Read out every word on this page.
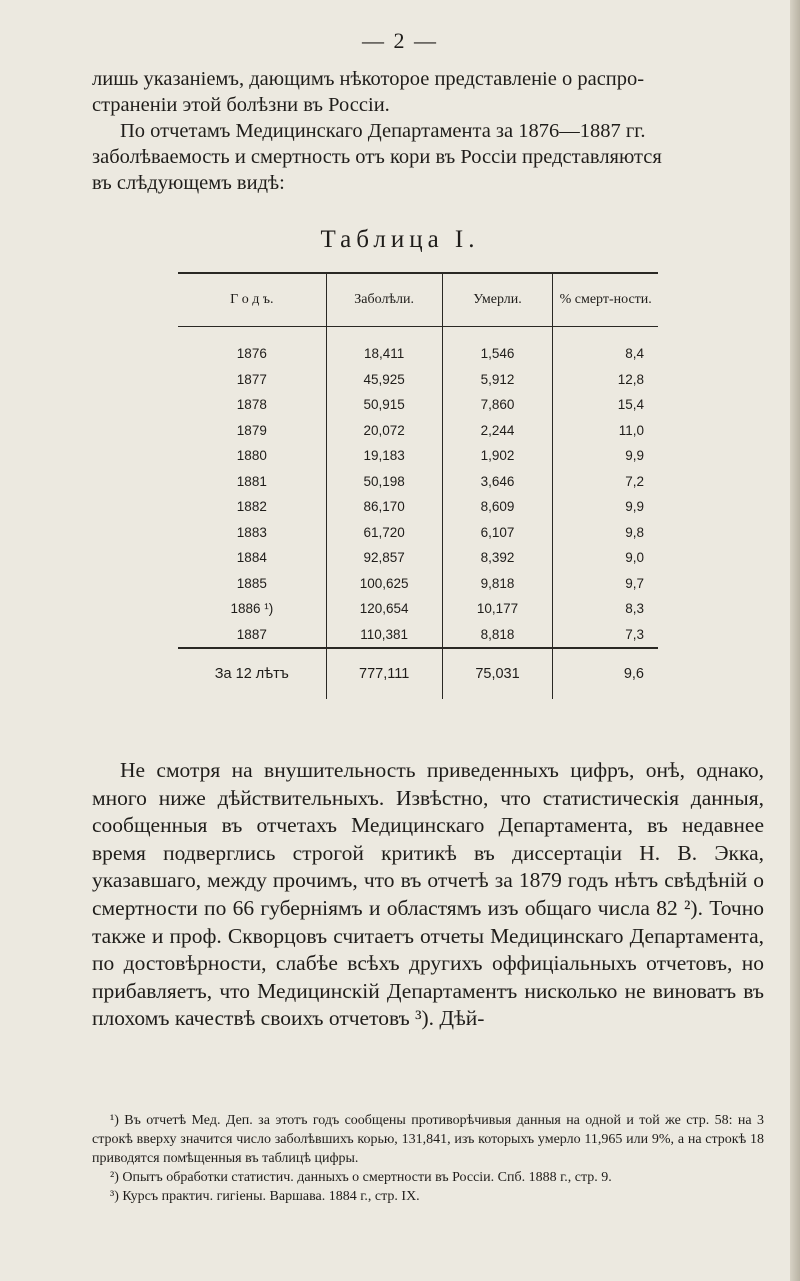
— 2 —

лишь указаніемъ, дающимъ нѣкоторое представленіе о распро-

страненіи этой болѣзни въ Россіи.

По отчетамъ Медицинскаго Департамента за 1876—1887 гг.

заболѣваемость и смертность отъ кори въ Россіи представляются

въ слѣдующемъ видѣ:

Таблица I.
Г о д ъ.	Заболѣли.	Умерли.	% смерт-ности.
1876	18,411	1,546	8,4
1877	45,925	5,912	12,8
1878	50,915	7,860	15,4
1879	20,072	2,244	11,0
1880	19,183	1,902	9,9
1881	50,198	3,646	7,2
1882	86,170	8,609	9,9
1883	61,720	6,107	9,8
1884	92,857	8,392	9,0
1885	100,625	9,818	9,7
1886 ¹)	120,654	10,177	8,3
1887	110,381	8,818	7,3
За 12 лѣтъ	777,111	75,031	9,6

Не смотря на внушительность приведенныхъ цифръ, онѣ, однако, много ниже дѣйствительныхъ. Извѣстно, что статистическія данныя, сообщенныя въ отчетахъ Медицинскаго Департамента, въ недавнее время подверглись строгой критикѣ въ диссертаціи Н. В. Экка, указавшаго, между прочимъ, что въ отчетѣ за 1879 годъ нѣтъ свѣдѣній о смертности по 66 губерніямъ и областямъ изъ общаго числа 82 ²). Точно также и проф. Скворцовъ считаетъ отчеты Медицинскаго Департамента, по достовѣрности, слабѣе всѣхъ другихъ оффиціальныхъ отчетовъ, но прибавляетъ, что Медицинскій Департаментъ нисколько не виноватъ въ плохомъ качествѣ своихъ отчетовъ ³). Дѣй-

¹) Въ отчетѣ Мед. Деп. за этотъ годъ сообщены противорѣчивыя данныя на одной и той же стр. 58: на 3 строкѣ вверху значится число заболѣвшихъ корью, 131,841, изъ которыхъ умерло 11,965 или 9%, а на строкѣ 18 приводятся помѣщенныя въ таблицѣ цифры.

²) Опытъ обработки статистич. данныхъ о смертности въ Россіи. Спб. 1888 г., стр. 9.

³) Курсъ практич. гигіены. Варшава. 1884 г., стр. IX.
